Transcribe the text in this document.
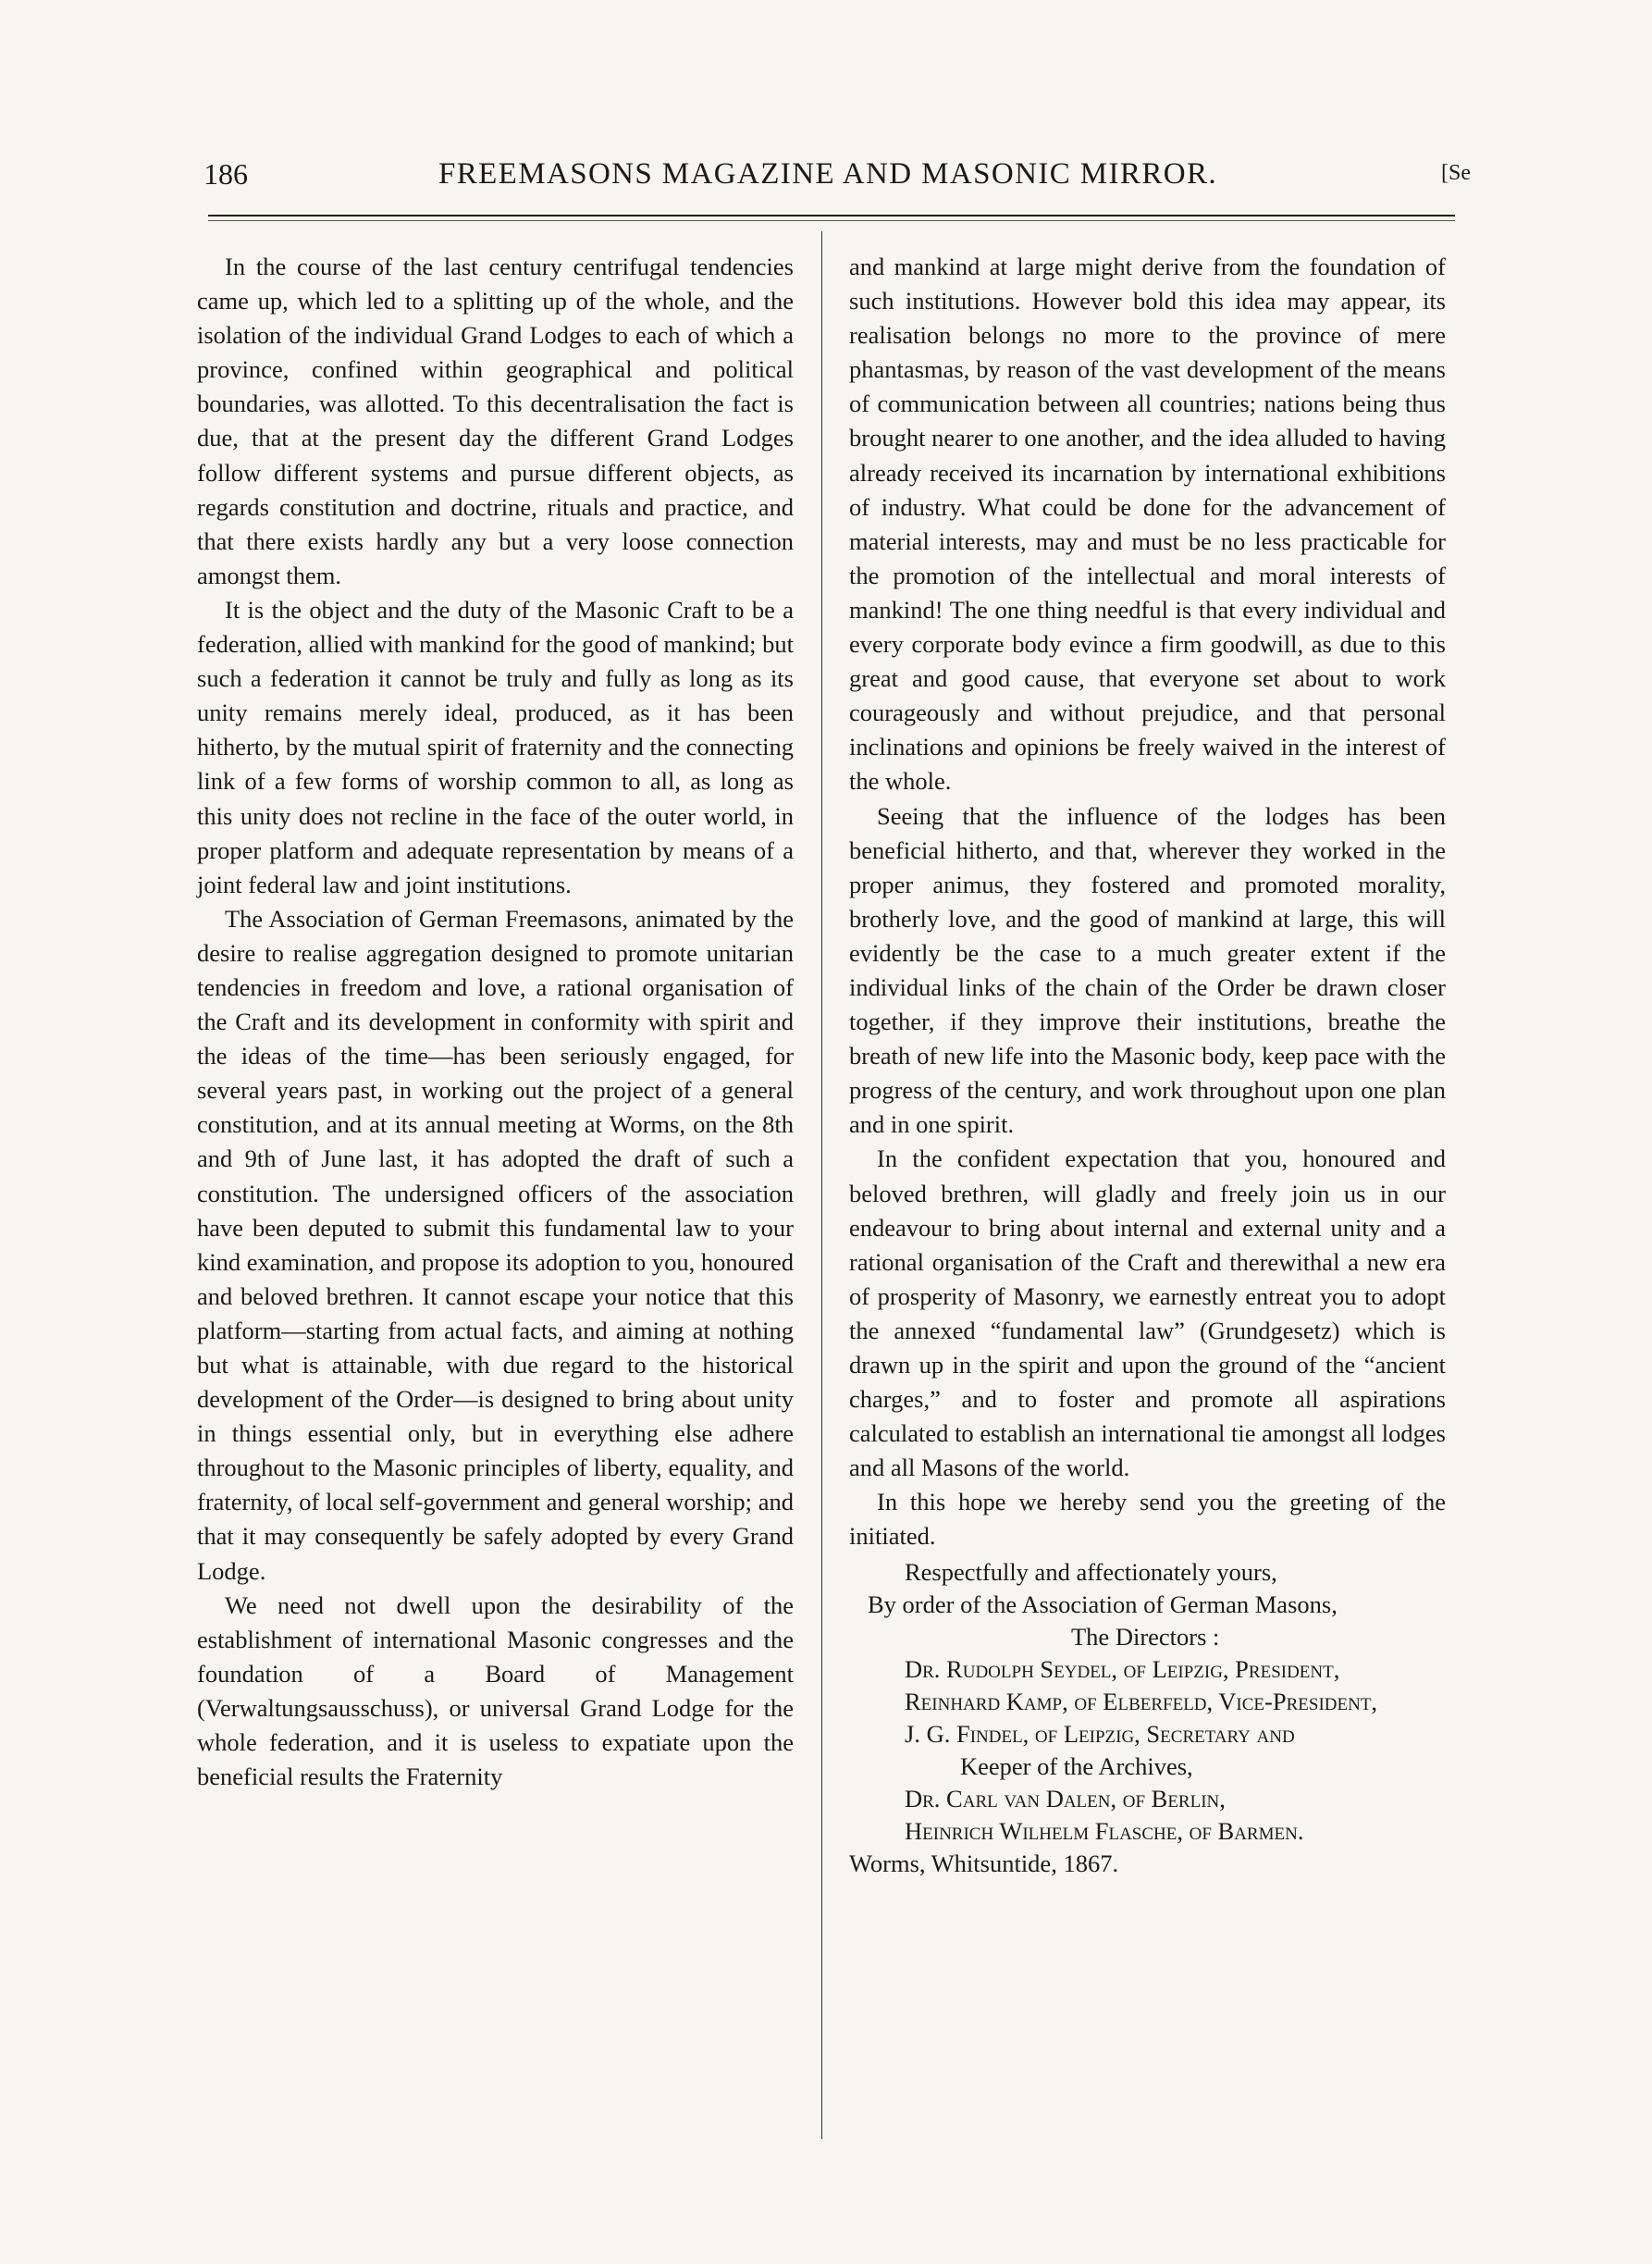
186	FREEMASONS MAGAZINE AND MASONIC MIRROR.	[Se

In the course of the last century centrifugal tendencies came up, which led to a splitting up of the whole, and the isolation of the individual Grand Lodges to each of which a province, confined within geographical and political boundaries, was allotted. To this decentralisation the fact is due, that at the present day the different Grand Lodges follow different systems and pursue different objects, as regards constitution and doctrine, rituals and practice, and that there exists hardly any but a very loose connection amongst them.

It is the object and the duty of the Masonic Craft to be a federation, allied with mankind for the good of mankind; but such a federation it cannot be truly and fully as long as its unity remains merely ideal, produced, as it has been hitherto, by the mutual spirit of fraternity and the connecting link of a few forms of worship common to all, as long as this unity does not recline in the face of the outer world, in proper platform and adequate representation by means of a joint federal law and joint institutions.

The Association of German Freemasons, animated by the desire to realise aggregation designed to promote unitarian tendencies in freedom and love, a rational organisation of the Craft and its development in conformity with spirit and the ideas of the time—has been seriously engaged, for several years past, in working out the project of a general constitution, and at its annual meeting at Worms, on the 8th and 9th of June last, it has adopted the draft of such a constitution. The undersigned officers of the association have been deputed to submit this fundamental law to your kind examination, and propose its adoption to you, honoured and beloved brethren. It cannot escape your notice that this platform—starting from actual facts, and aiming at nothing but what is attainable, with due regard to the historical development of the Order—is designed to bring about unity in things essential only, but in everything else adhere throughout to the Masonic principles of liberty, equality, and fraternity, of local self-government and general worship; and that it may consequently be safely adopted by every Grand Lodge.

We need not dwell upon the desirability of the establishment of international Masonic congresses and the foundation of a Board of Management (Verwaltungsausschuss), or universal Grand Lodge for the whole federation, and it is useless to expatiate upon the beneficial results the Fraternity

and mankind at large might derive from the foundation of such institutions. However bold this idea may appear, its realisation belongs no more to the province of mere phantasmas, by reason of the vast development of the means of communication between all countries; nations being thus brought nearer to one another, and the idea alluded to having already received its incarnation by international exhibitions of industry. What could be done for the advancement of material interests, may and must be no less practicable for the promotion of the intellectual and moral interests of mankind! The one thing needful is that every individual and every corporate body evince a firm goodwill, as due to this great and good cause, that everyone set about to work courageously and without prejudice, and that personal inclinations and opinions be freely waived in the interest of the whole.

Seeing that the influence of the lodges has been beneficial hitherto, and that, wherever they worked in the proper animus, they fostered and promoted morality, brotherly love, and the good of mankind at large, this will evidently be the case to a much greater extent if the individual links of the chain of the Order be drawn closer together, if they improve their institutions, breathe the breath of new life into the Masonic body, keep pace with the progress of the century, and work throughout upon one plan and in one spirit.

In the confident expectation that you, honoured and beloved brethren, will gladly and freely join us in our endeavour to bring about internal and external unity and a rational organisation of the Craft and therewithal a new era of prosperity of Masonry, we earnestly entreat you to adopt the annexed “fundamental law” (Grundgesetz) which is drawn up in the spirit and upon the ground of the “ancient charges,” and to foster and promote all aspirations calculated to establish an international tie amongst all lodges and all Masons of the world.

In this hope we hereby send you the greeting of the initiated.

Respectfully and affectionately yours,
By order of the Association of German Masons,
The Directors :
Dr. Rudolph Seydel, of Leipzig, President,
Reinhard Kamp, of Elberfeld, Vice-President,
J. G. Findel, of Leipzig, Secretary and
Keeper of the Archives,
Dr. Carl van Dalen, of Berlin,
Heinrich Wilhelm Flasche, of Barmen.
Worms, Whitsuntide, 1867.
